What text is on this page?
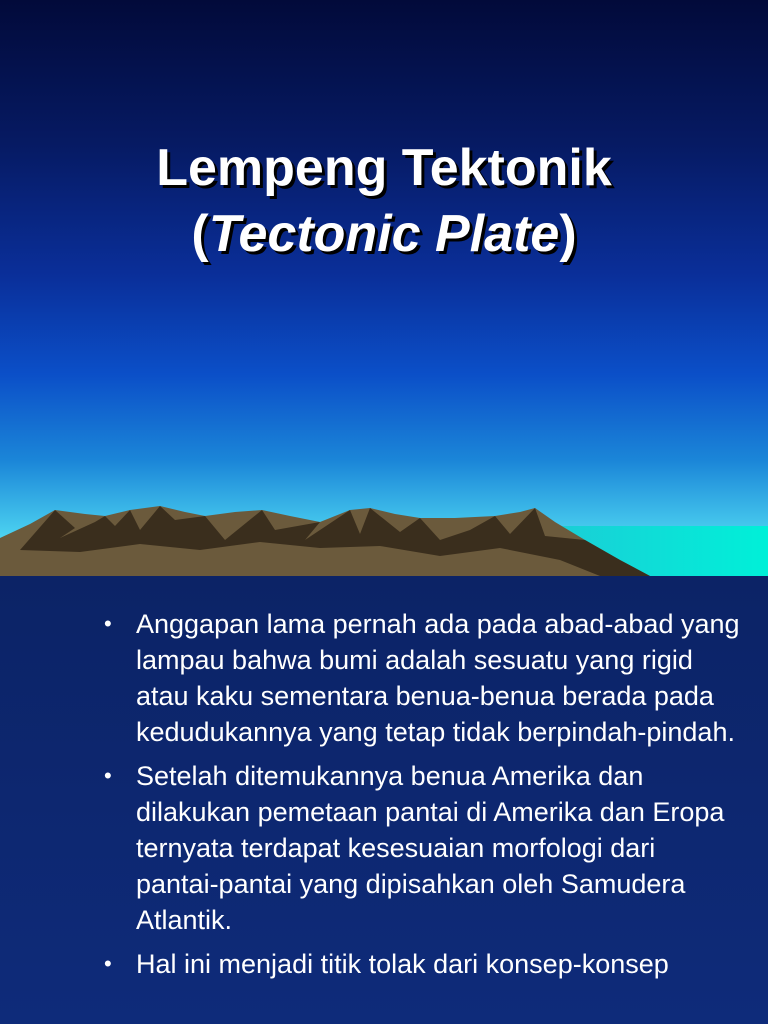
Lempeng Tektonik
(Tectonic Plate)
• Anggapan lama pernah ada pada abad-abad yang lampau bahwa bumi adalah sesuatu yang rigid atau kaku sementara benua-benua berada pada kedudukannya yang tetap tidak berpindah-pindah.
• Setelah ditemukannya benua Amerika dan dilakukan pemetaan pantai di Amerika dan Eropa ternyata terdapat kesesuaian morfologi dari pantai-pantai yang dipisahkan oleh Samudera Atlantik.
• Hal ini menjadi titik tolak dari konsep-konsep
